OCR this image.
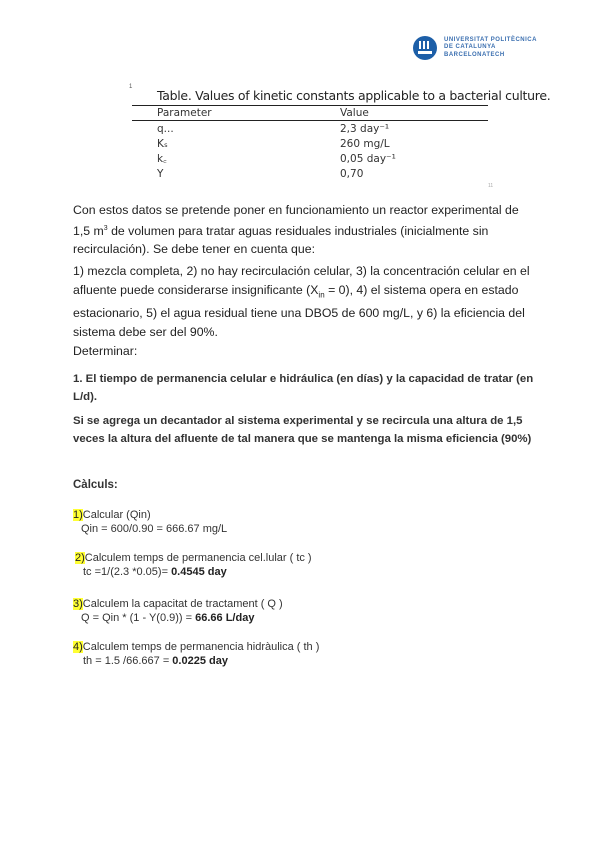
UNIVERSITAT POLITÈCNICA
DE CATALUNYA
BARCELONATECH
1
Table. Values of kinetic constants applicable to a bacterial culture.
Parameter	Value
q...	2,3 day⁻¹
Kₛ	260 mg/L
k꜀	0,05 day⁻¹
Y	0,70
11
Con estos datos se pretende poner en funcionamiento un reactor experimental de 1,5 $m^3$ de volumen para tratar aguas residuales industriales (inicialmente sin recirculación). Se debe tener en cuenta que:
1) mezcla completa, 2) no hay recirculación celular, 3) la concentración celular en el afluente puede considerarse insignificante $(X_{in} = 0)$, 4) el sistema opera en estado estacionario, 5) el agua residual tiene una DBO5 de 600 mg/L, y 6) la eficiencia del sistema debe ser del 90%.
Determinar:
1. El tiempo de permanencia celular e hidráulica (en días) y la capacidad de tratar (en L/d).
Si se agrega un decantador al sistema experimental y se recircula una altura de 1,5 veces la altura del afluente de tal manera que se mantenga la misma eficiencia (90%)
Càlculs:
1)Calcular (Qin)
Qin = 600/0.90 = 666.67 mg/L
2)Calculem temps de permanencia cel.lular ( tc )
tc =1/(2.3 *0.05)= 0.4545 day
3)Calculem la capacitat de tractament ( Q )
Q = Qin * (1 - Y(0.9)) = 66.66 L/day
4)Calculem temps de permanencia hidràulica ( th )
th = 1.5 /66.667 = 0.0225 day
